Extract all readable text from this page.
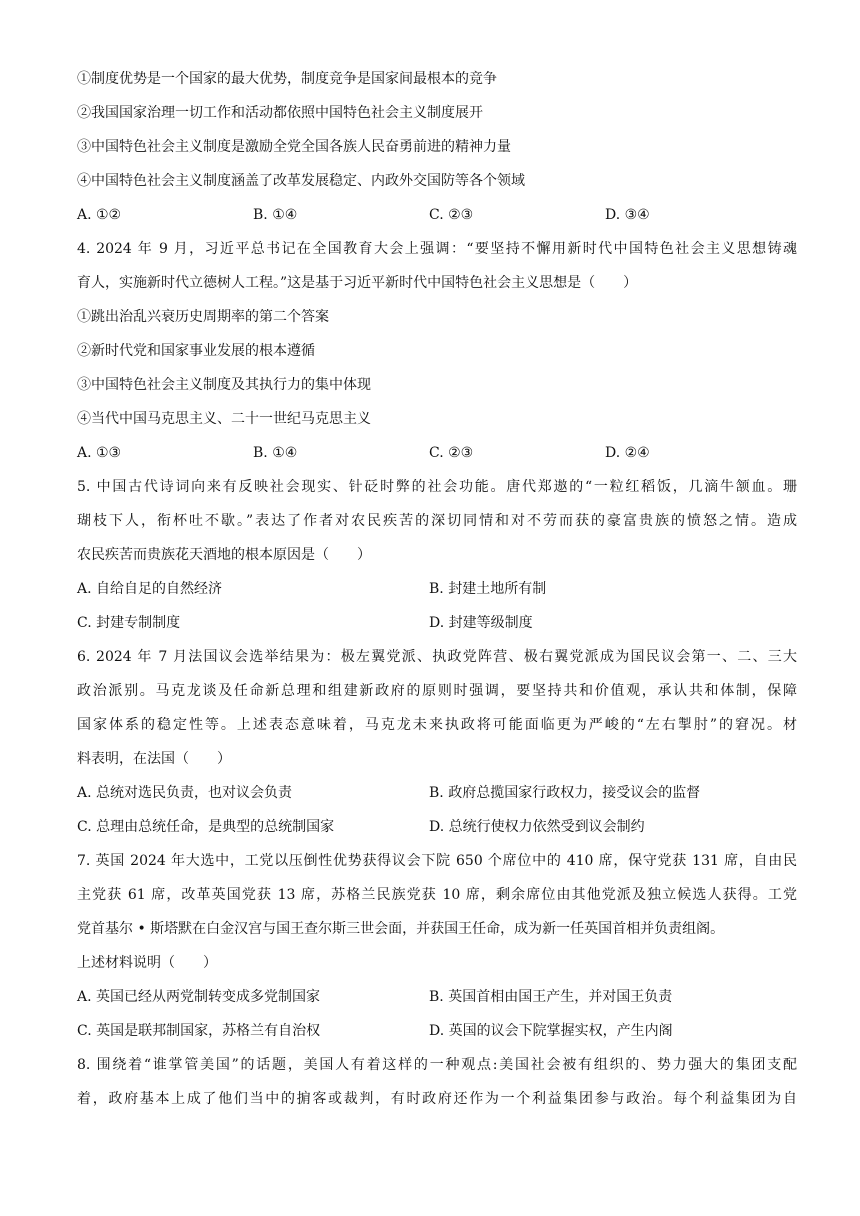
①制度优势是一个国家的最大优势，制度竞争是国家间最根本的竞争
②我国国家治理一切工作和活动都依照中国特色社会主义制度展开
③中国特色社会主义制度是激励全党全国各族人民奋勇前进的精神力量
④中国特色社会主义制度涵盖了改革发展稳定、内政外交国防等各个领域
A. ①②	B. ①④	C. ②③	D. ③④
4. 2024 年 9 月，习近平总书记在全国教育大会上强调：“要坚持不懈用新时代中国特色社会主义思想铸魂
育人，实施新时代立德树人工程。”这是基于习近平新时代中国特色社会主义思想是（　　）
①跳出治乱兴衰历史周期率的第二个答案
②新时代党和国家事业发展的根本遵循
③中国特色社会主义制度及其执行力的集中体现
④当代中国马克思主义、二十一世纪马克思主义
A. ①③	B. ①④	C. ②③	D. ②④
5. 中国古代诗词向来有反映社会现实、针砭时弊的社会功能。唐代郑遨的“一粒红稻饭，几滴牛颔血。珊
瑚枝下人，衔杯吐不歇。”表达了作者对农民疾苦的深切同情和对不劳而获的豪富贵族的愤怒之情。造成
农民疾苦而贵族花天酒地的根本原因是（　　）
A. 自给自足的自然经济	B. 封建土地所有制
C. 封建专制制度	D. 封建等级制度
6. 2024 年 7 月法国议会选举结果为：极左翼党派、执政党阵营、极右翼党派成为国民议会第一、二、三大
政治派别。马克龙谈及任命新总理和组建新政府的原则时强调，要坚持共和价值观，承认共和体制，保障
国家体系的稳定性等。上述表态意味着，马克龙未来执政将可能面临更为严峻的“左右掣肘”的窘况。材
料表明，在法国（　　）
A. 总统对选民负责，也对议会负责	B. 政府总揽国家行政权力，接受议会的监督
C. 总理由总统任命，是典型的总统制国家	D. 总统行使权力依然受到议会制约
7. 英国 2024 年大选中，工党以压倒性优势获得议会下院 650 个席位中的 410 席，保守党获 131 席，自由民
主党获 61 席，改革英国党获 13 席，苏格兰民族党获 10 席，剩余席位由其他党派及独立候选人获得。工党
党首基尔 • 斯塔默在白金汉宫与国王查尔斯三世会面，并获国王任命，成为新一任英国首相并负责组阁。
上述材料说明（　　）
A. 英国已经从两党制转变成多党制国家	B. 英国首相由国王产生，并对国王负责
C. 英国是联邦制国家，苏格兰有自治权	D. 英国的议会下院掌握实权，产生内阁
8. 围绕着“谁掌管美国”的话题，美国人有着这样的一种观点:美国社会被有组织的、势力强大的集团支配
着，政府基本上成了他们当中的掮客或裁判，有时政府还作为一个利益集团参与政治。每个利益集团为自
